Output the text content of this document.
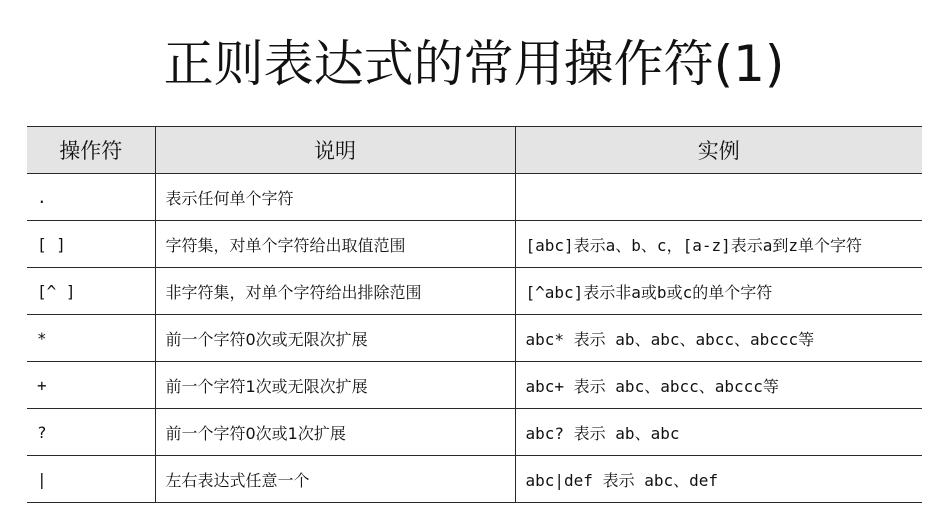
正则表达式的常用操作符(1)
操作符	说明	实例
.	表示任何单个字符	
[ ]	字符集，对单个字符给出取值范围	[abc]表示a、b、c，[a-z]表示a到z单个字符
[^ ]	非字符集，对单个字符给出排除范围	[^abc]表示非a或b或c的单个字符
*	前一个字符0次或无限次扩展	abc* 表示 ab、abc、abcc、abccc等
+	前一个字符1次或无限次扩展	abc+ 表示 abc、abcc、abccc等
?	前一个字符0次或1次扩展	abc? 表示 ab、abc
|	左右表达式任意一个	abc|def 表示 abc、def
